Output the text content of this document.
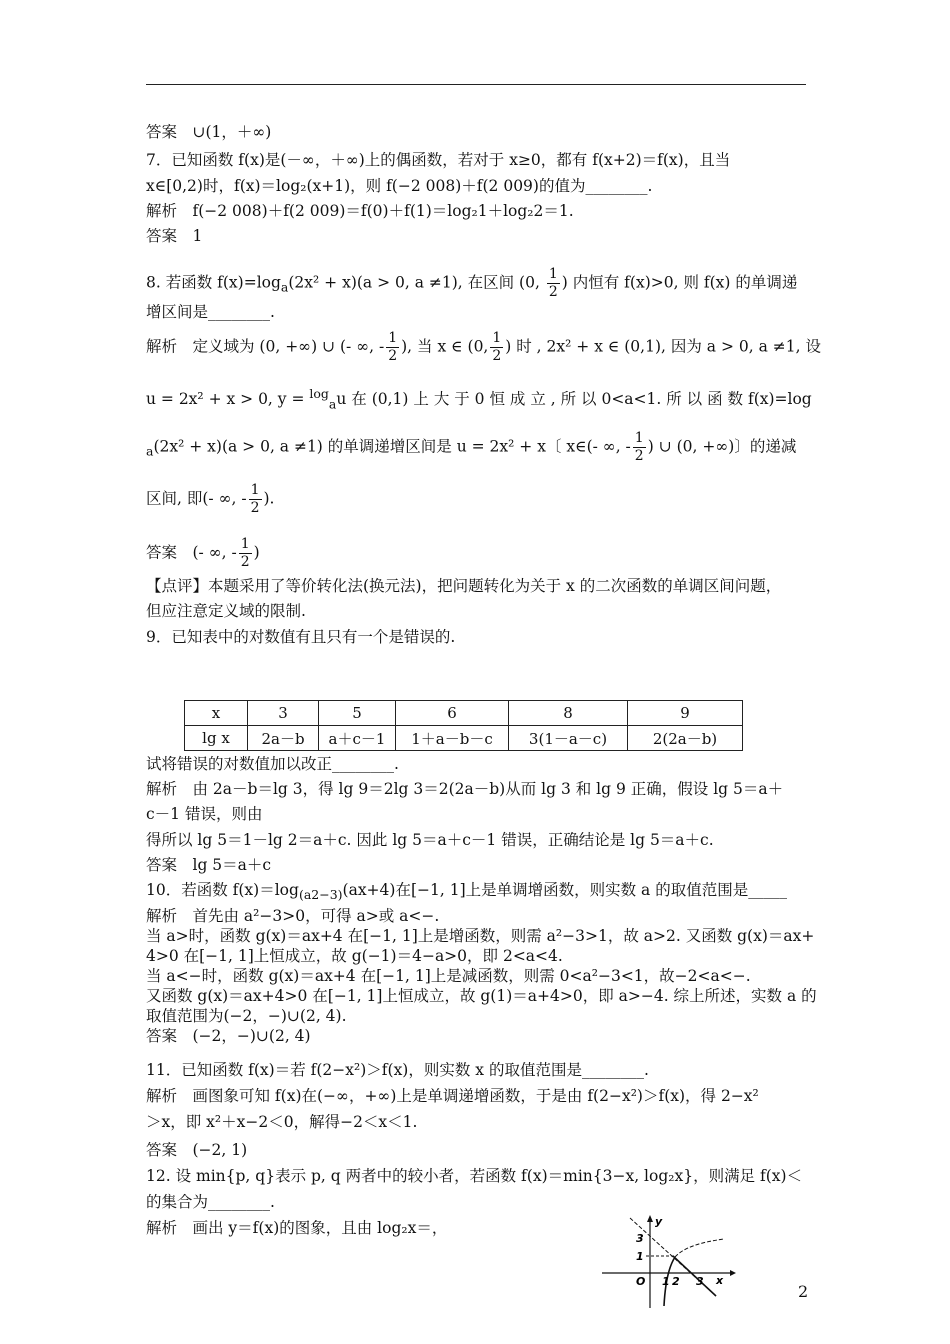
答案　∪(1，＋∞)
7．已知函数 f(x)是(－∞，＋∞)上的偶函数，若对于 x≥0，都有 f(x+2)＝f(x)，且当
x∈[0,2)时，f(x)＝log₂(x+1)，则 f(−2 008)＋f(2 009)的值为________.
解析　f(−2 008)＋f(2 009)＝f(0)＋f(1)＝log₂1＋log₂2＝1.
答案　1
8. 若函数 $f(x)=\log_a(2x^2 + x)(a > 0$, a ≠1), 在区间 (0, $\frac{1}{2}$ ) 内恒有 f(x)>0, 则 f(x) 的单调递
增区间是________.
解析　定义域为 (0, +∞) ∪ (- ∞, - $\frac{1}{2}$ ), 当 x ∈ (0, $\frac{1}{2}$ ) 时 , 2x² + x ∈ (0,1), 因为 a > 0, a ≠1, 设
u = 2x² + x > 0, y = $^{log}_a$u 在 (0,1) 上 大 于 0 恒 成 立 , 所 以 0<a<1. 所 以 函 数 f(x)=log
$_a$(2x² + x)(a > 0, a ≠1) 的单调递增区间是 u = 2x² + x〔 x∈(- ∞, - $\frac{1}{2}$ ) ∪ (0, +∞)〕的递减
区间, 即(- ∞, - $\frac{1}{2}$ ).
答案　(- ∞, - $\frac{1}{2}$ )
【点评】本题采用了等价转化法(换元法)，把问题转化为关于 x 的二次函数的单调区间问题，
但应注意定义域的限制.
9．已知表中的对数值有且只有一个是错误的.
x	3	5	6	8	9
lg x	2a－b	a＋c－1	1＋a－b－c	3(1－a－c)	2(2a－b)
试将错误的对数值加以改正________.
解析　由 2a－b＝lg 3，得 lg 9＝2lg 3＝2(2a－b)从而 lg 3 和 lg 9 正确，假设 lg 5＝a＋
c－1 错误，则由
得所以 lg 5＝1－lg 2＝a＋c. 因此 lg 5＝a＋c－1 错误，正确结论是 lg 5＝a＋c.
答案　lg 5＝a＋c
10．若函数 $f(x)=\log_{(a2-3)}(ax+4)$在[−1, 1]上是单调增函数，则实数 a 的取值范围是_____
解析　首先由 a²−3>0，可得 a>或 a<−.
当 a>时，函数 g(x)＝ax+4 在[−1, 1]上是增函数，则需 a²−3>1，故 a>2. 又函数 g(x)＝ax+
4>0 在[−1, 1]上恒成立，故 g(−1)＝4−a>0，即 2<a<4.
当 a<−时，函数 g(x)＝ax+4 在[−1, 1]上是减函数，则需 0<a²−3<1，故−2<a<−.
又函数 g(x)＝ax+4>0 在[−1, 1]上恒成立，故 g(1)＝a+4>0，即 a>−4. 综上所述，实数 a 的
取值范围为(−2，−)∪(2, 4).
答案　(−2，−)∪(2, 4)
11．已知函数 f(x)＝若 f(2−x²)＞f(x)，则实数 x 的取值范围是________.
解析　画图象可知 f(x)在(−∞，+∞)上是单调递增函数，于是由 f(2−x²)＞f(x)，得 2−x²
＞x，即 x²＋x−2＜0，解得−2＜x＜1.
答案　(−2, 1)
12. 设 min{p, q}表示 p, q 两者中的较小者，若函数 f(x)＝min{3−x, log₂x}，则满足 f(x)＜
的集合为________.
解析　画出 y＝f(x)的图象，且由 log₂x＝，	y
x
O
3
1
1 2 3
2
